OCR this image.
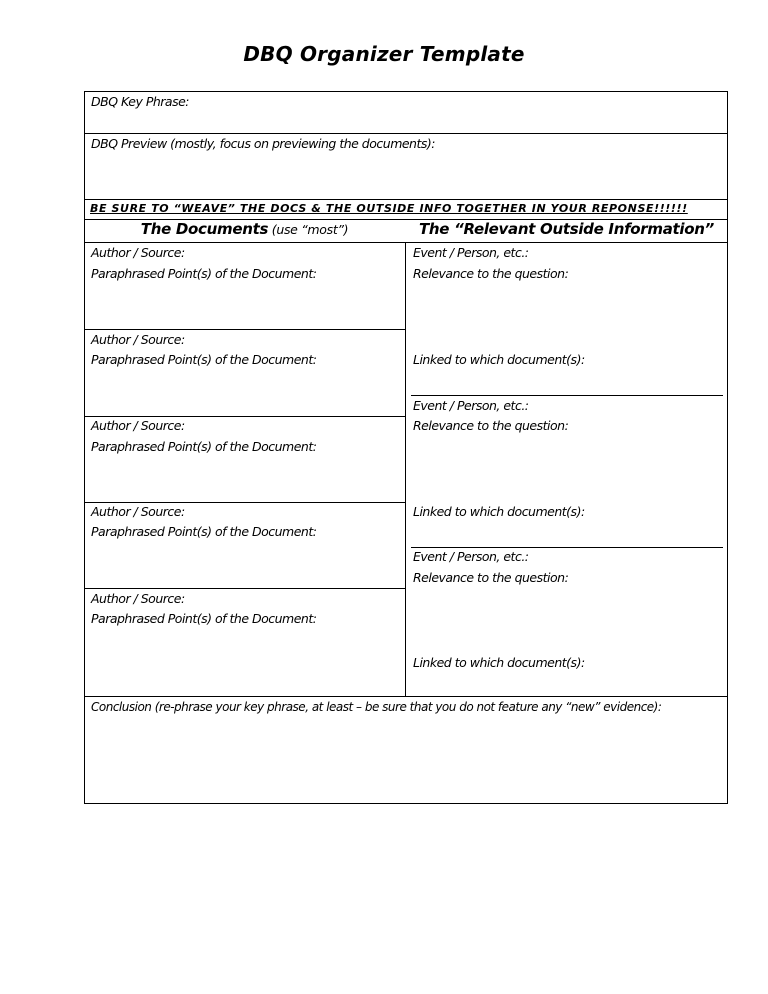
DBQ Organizer Template
DBQ Key Phrase:
DBQ Preview (mostly, focus on previewing the documents):
BE SURE TO “WEAVE” THE DOCS & THE OUTSIDE INFO TOGETHER IN YOUR REPONSE!!!!!!
The Documents (use “most”)	The “Relevant Outside Information”
Author / Source:
Paraphrased Point(s) of the Document:
Author / Source:
Paraphrased Point(s) of the Document:
Author / Source:
Paraphrased Point(s) of the Document:
Author / Source:
Paraphrased Point(s) of the Document:
Author / Source:
Paraphrased Point(s) of the Document:
Event / Person, etc.:
Relevance to the question:
Linked to which document(s):
Event / Person, etc.:
Relevance to the question:
Linked to which document(s):
Event / Person, etc.:
Relevance to the question:
Linked to which document(s):
Conclusion (re-phrase your key phrase, at least – be sure that you do not feature any “new” evidence):
